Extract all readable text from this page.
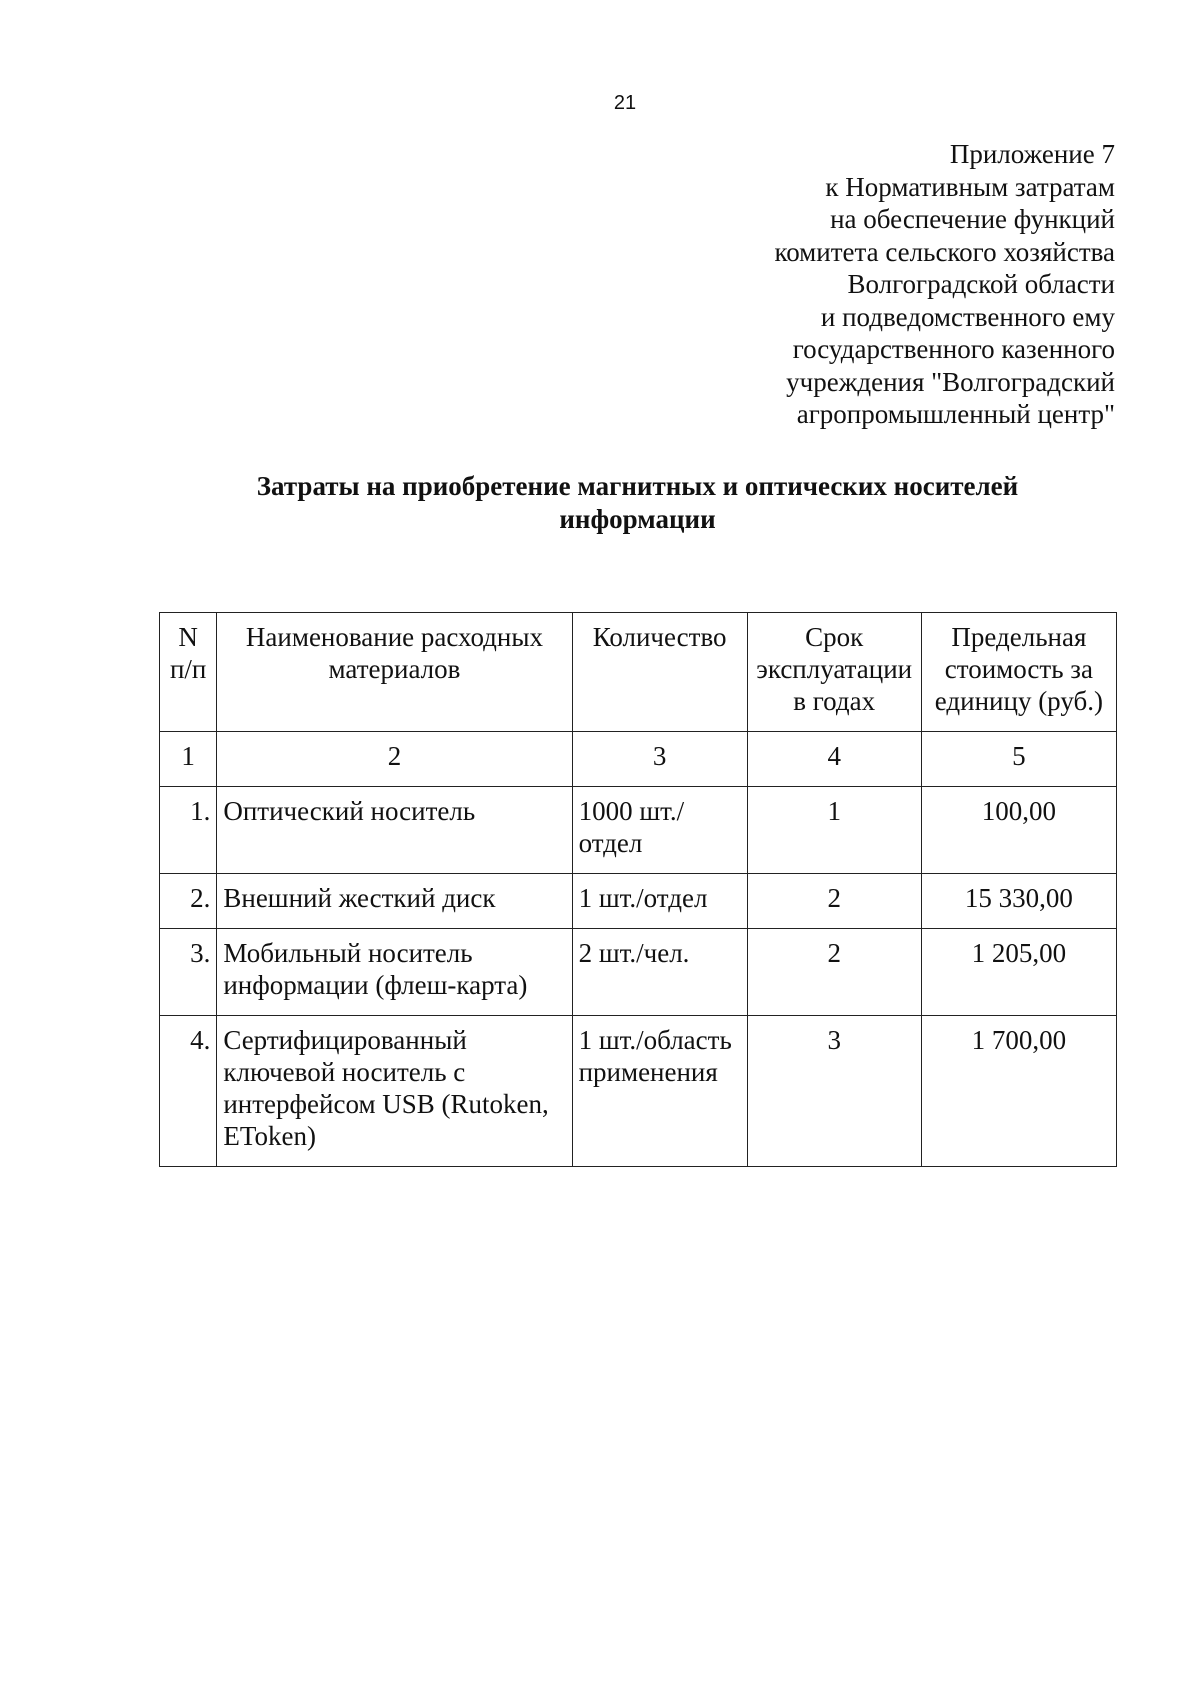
21
Приложение 7
к Нормативным затратам
на обеспечение функций
комитета сельского хозяйства
Волгоградской области
и подведомственного ему
государственного казенного
учреждения "Волгоградский
агропромышленный центр"
Затраты на приобретение магнитных и оптических носителей
информации
N п/п	Наименование расходных материалов	Количество	Срок эксплуатации в годах	Предельная стоимость за единицу (руб.)
1	2	3	4	5
1.	Оптический носитель	1000 шт./отдел	1	100,00
2.	Внешний жесткий диск	1 шт./отдел	2	15 330,00
3.	Мобильный носитель информации (флеш-карта)	2 шт./чел.	2	1 205,00
4.	Сертифицированный ключевой носитель с интерфейсом USB (Rutoken, EToken)	1 шт./область применения	3	1 700,00
